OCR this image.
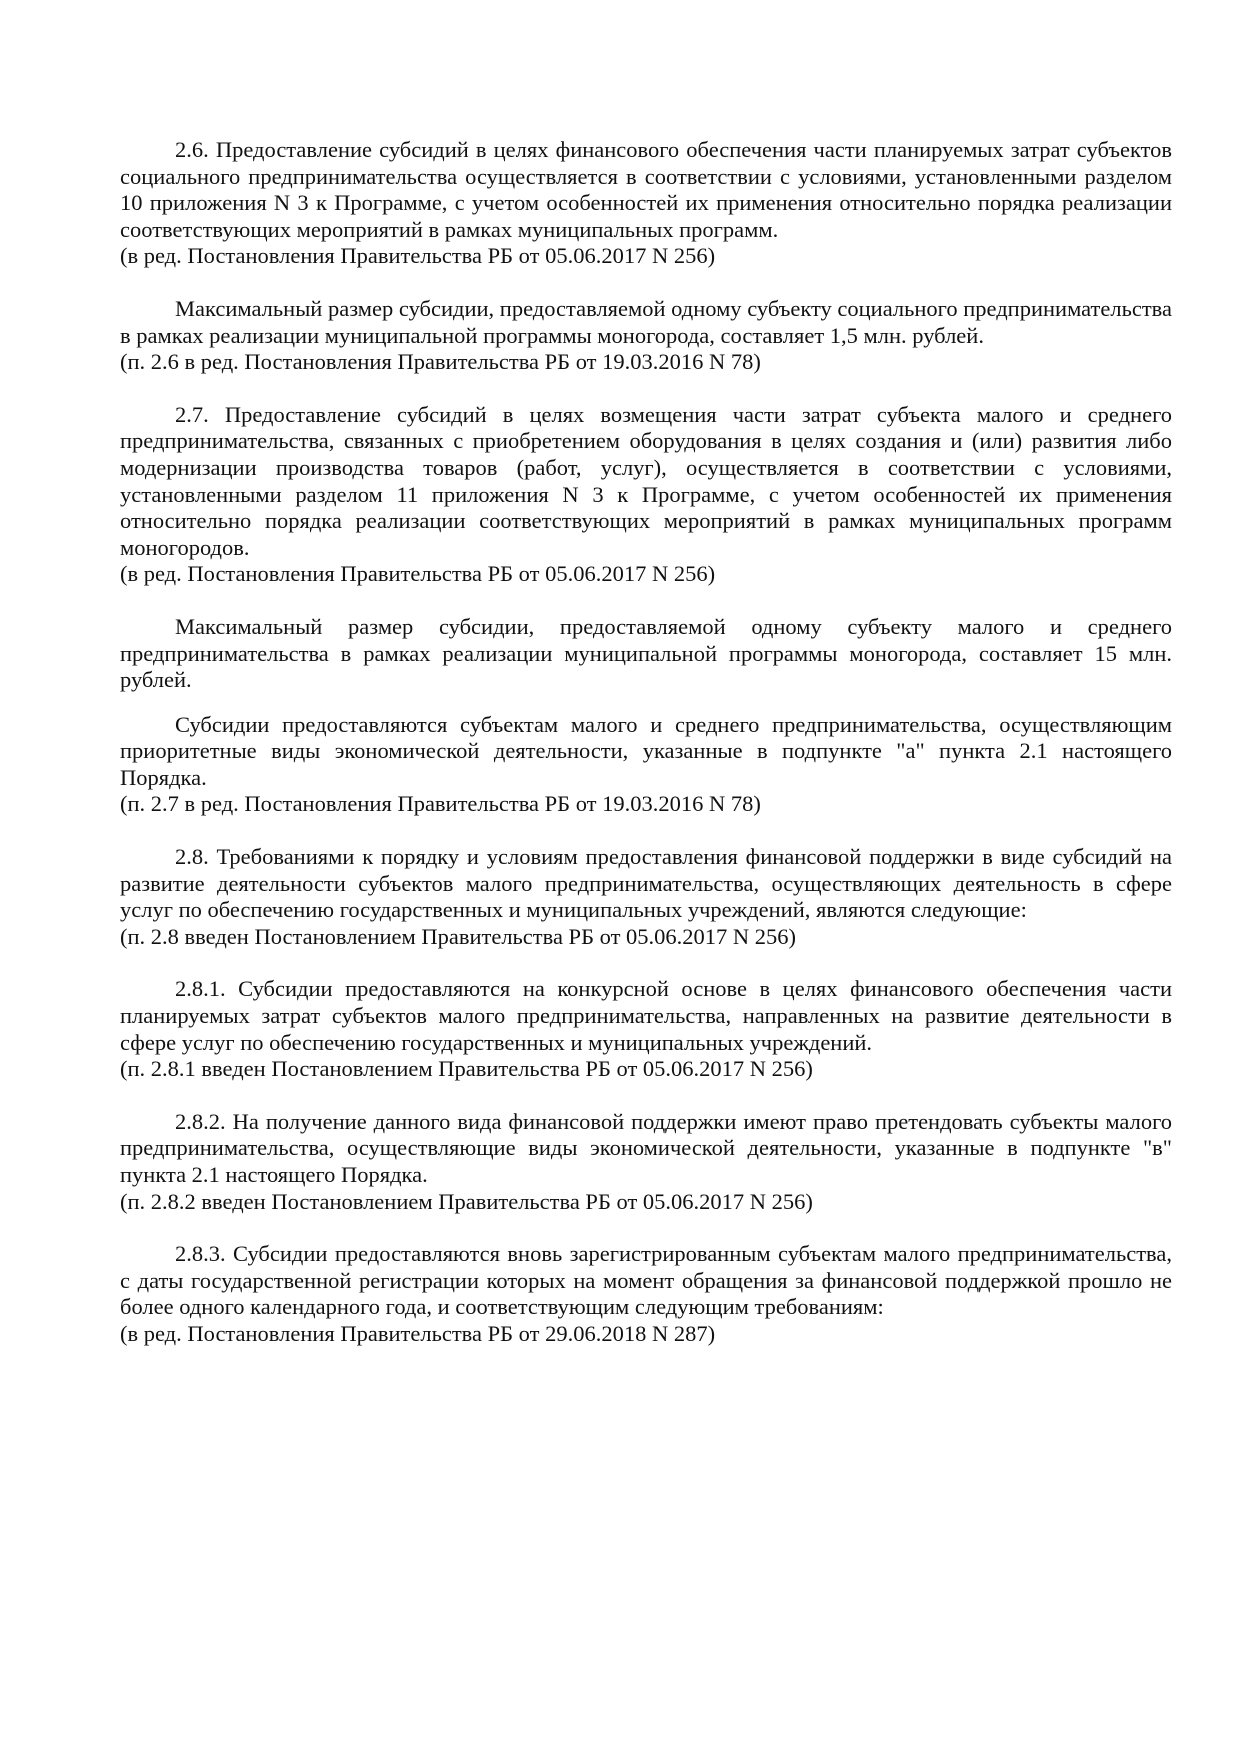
2.6. Предоставление субсидий в целях финансового обеспечения части планируемых затрат субъектов социального предпринимательства осуществляется в соответствии с условиями, установленными разделом 10 приложения N 3 к Программе, с учетом особенностей их применения относительно порядка реализации соответствующих мероприятий в рамках муниципальных программ.

(в ред. Постановления Правительства РБ от 05.06.2017 N 256)

Максимальный размер субсидии, предоставляемой одному субъекту социального предпринимательства в рамках реализации муниципальной программы моногорода, составляет 1,5 млн. рублей.

(п. 2.6 в ред. Постановления Правительства РБ от 19.03.2016 N 78)

2.7. Предоставление субсидий в целях возмещения части затрат субъекта малого и среднего предпринимательства, связанных с приобретением оборудования в целях создания и (или) развития либо модернизации производства товаров (работ, услуг), осуществляется в соответствии с условиями, установленными разделом 11 приложения N 3 к Программе, с учетом особенностей их применения относительно порядка реализации соответствующих мероприятий в рамках муниципальных программ моногородов.

(в ред. Постановления Правительства РБ от 05.06.2017 N 256)

Максимальный размер субсидии, предоставляемой одному субъекту малого и среднего предпринимательства в рамках реализации муниципальной программы моногорода, составляет 15 млн. рублей.

Субсидии предоставляются субъектам малого и среднего предпринимательства, осуществляющим приоритетные виды экономической деятельности, указанные в подпункте "а" пункта 2.1 настоящего Порядка.

(п. 2.7 в ред. Постановления Правительства РБ от 19.03.2016 N 78)

2.8. Требованиями к порядку и условиям предоставления финансовой поддержки в виде субсидий на развитие деятельности субъектов малого предпринимательства, осуществляющих деятельность в сфере услуг по обеспечению государственных и муниципальных учреждений, являются следующие:

(п. 2.8 введен Постановлением Правительства РБ от 05.06.2017 N 256)

2.8.1. Субсидии предоставляются на конкурсной основе в целях финансового обеспечения части планируемых затрат субъектов малого предпринимательства, направленных на развитие деятельности в сфере услуг по обеспечению государственных и муниципальных учреждений.

(п. 2.8.1 введен Постановлением Правительства РБ от 05.06.2017 N 256)

2.8.2. На получение данного вида финансовой поддержки имеют право претендовать субъекты малого предпринимательства, осуществляющие виды экономической деятельности, указанные в подпункте "в" пункта 2.1 настоящего Порядка.

(п. 2.8.2 введен Постановлением Правительства РБ от 05.06.2017 N 256)

2.8.3. Субсидии предоставляются вновь зарегистрированным субъектам малого предпринимательства, с даты государственной регистрации которых на момент обращения за финансовой поддержкой прошло не более одного календарного года, и соответствующим следующим требованиям:

(в ред. Постановления Правительства РБ от 29.06.2018 N 287)
